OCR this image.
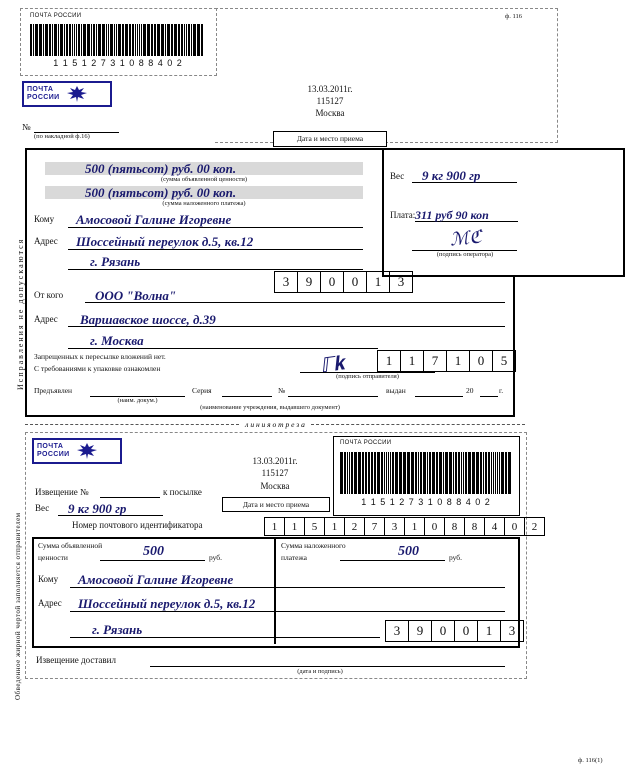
ф. 116
ПОЧТА РОССИИ
1 1 5 1 2 7 3 1 0 8 8 4 0 2
13.03.2011г.
115127
Москва
Дата и место приема
ПОЧТА
РОССИИ
№
(по накладной ф.16)
Исправления не допускаются
Обведенное жирной чертой заполняется отправителем
500 (пятьсот) руб. 00 коп.
(сумма объявленной ценности)
500 (пятьсот) руб. 00 коп.
(сумма наложенного платежа)
Вес 9 кг 900 гр
Плата: 311 руб 90 коп
ℳℭ
(подпись оператора)
Кому Амосовой Галине Игоревне
Адрес Шоссейный переулок д.5, кв.12
г. Рязань
3	9	0	0	1	3
От кого ООО "Волна"
Адрес Варшавское шоссе, д.39
г. Москва
1	1	7	1	0	5
Запрещенных к пересылке вложений нет.
С требованиями к упаковке ознакомлен	ℾ𝐤
(подпись отправителя)
Предъявлен
(наим. докум.)
Серия	№	выдан	20	г.
(наименование учреждения, выдавшего документ)
л и н и я о т р е з а
ПОЧТА
РОССИИ
13.03.2011г.
115127
Москва
Дата и место приема
ПОЧТА РОССИИ
1 1 5 1 2 7 3 1 0 8 8 4 0 2
Извещение №	к посылке
Вес 9 кг 900 гр
Номер почтового идентификатора	1	1	5	1	2	7	3	1	0	8	8	4	0	2
Сумма объявленной
ценности	500	руб.
Сумма наложенного
платежа	500	руб.
Кому Амосовой Галине Игоревне
Адрес Шоссейный переулок д.5, кв.12
г. Рязань	3	9	0	0	1	3
Извещение доставил
(дата и подпись)
ф. 116(1)
